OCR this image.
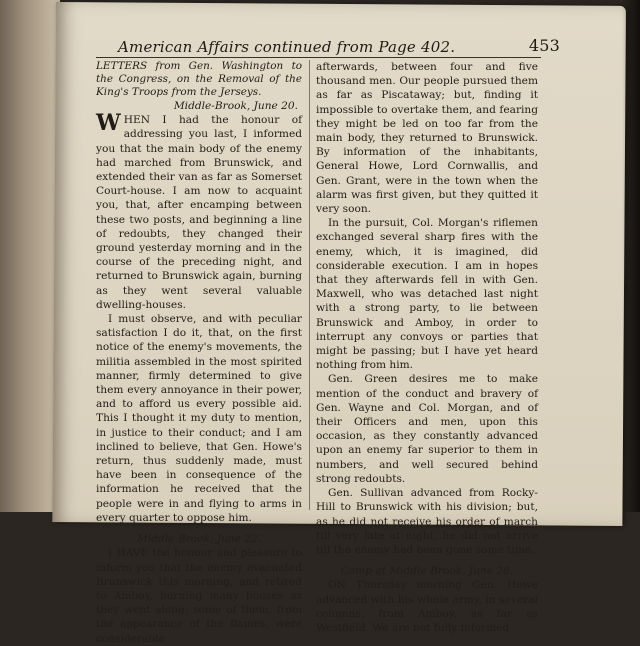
American Affairs continued from Page 402.	453

LETTERS from Gen. Washington to the Congress, on the Removal of the King's Troops from the Jerseys.

Middle-Brook, June 20.

WHEN I had the honour of addressing you last, I informed you that the main body of the enemy had marched from Brunswick, and extended their van as far as Somerset Court-house. I am now to acquaint you, that, after encamping between these two posts, and beginning a line of redoubts, they changed their ground yesterday morning and in the course of the preceding night, and returned to Brunswick again, burning as they went several valuable dwelling-houses.

I must observe, and with peculiar satisfaction I do it, that, on the first notice of the enemy's movements, the militia assembled in the most spirited manner, firmly determined to give them every annoyance in their power, and to afford us every possible aid. This I thought it my duty to mention, in justice to their conduct; and I am inclined to believe, that Gen. Howe's return, thus suddenly made, must have been in consequence of the information he received that the people were in and flying to arms in every quarter to oppose him.

Middle-Brook, June 22.

I HAVE the honour and pleasure to inform you that the enemy evacuated Brunswick this morning, and retired to Amboy, burning many houses as they went along; some of them, from the appearance of the flames, were considerable

afterwards, between four and five thousand men. Our people pursued them as far as Piscataway; but, finding it impossible to overtake them, and fearing they might be led on too far from the main body, they returned to Brunswick. By information of the inhabitants, General Howe, Lord Cornwallis, and Gen. Grant, were in the town when the alarm was first given, but they quitted it very soon.

In the pursuit, Col. Morgan's riflemen exchanged several sharp fires with the enemy, which, it is imagined, did considerable execution. I am in hopes that they afterwards fell in with Gen. Maxwell, who was detached last night with a strong party, to lie between Brunswick and Amboy, in order to interrupt any convoys or parties that might be passing; but I have yet heard nothing from him.

Gen. Green desires me to make mention of the conduct and bravery of Gen. Wayne and Col. Morgan, and of their Officers and men, upon this occasion, as they constantly advanced upon an enemy far superior to them in numbers, and well secured behind strong redoubts.

Gen. Sullivan advanced from Rocky-Hill to Brunswick with his division; but, as he did not receive his order of march till very late at night, he did not arrive till the enemy had been gone some time.

Camp at Middle Brook, June 28.

ON Thursday morning Gen. Howe advanced with his whole army, in several columns, from Amboy, as far as Westfield. We are not fully informed
